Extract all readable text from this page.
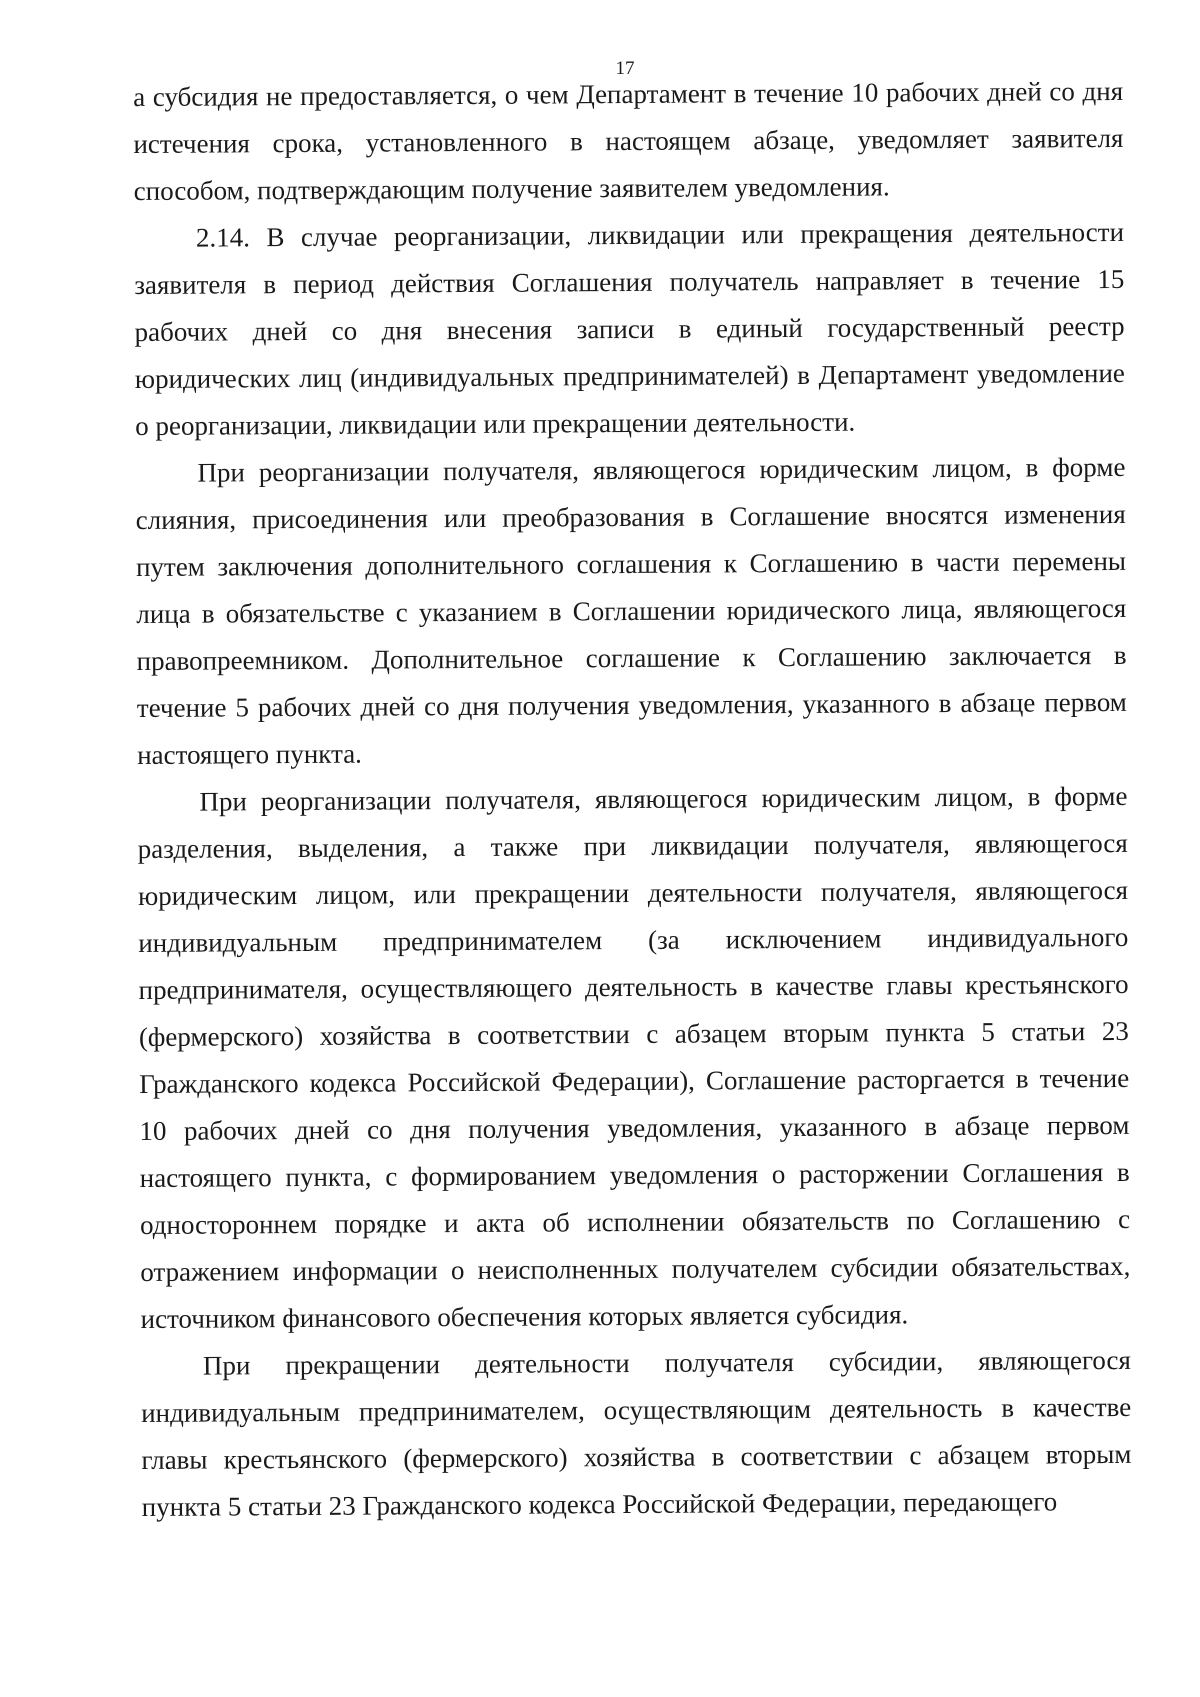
17

а субсидия не предоставляется, о чем Департамент в течение 10 рабочих дней со дня истечения срока, установленного в настоящем абзаце, уведомляет заявителя способом, подтверждающим получение заявителем уведомления.

2.14. В случае реорганизации, ликвидации или прекращения деятельности заявителя в период действия Соглашения получатель направляет в течение 15 рабочих дней со дня внесения записи в единый государственный реестр юридических лиц (индивидуальных предпринимателей) в Департамент уведомление о реорганизации, ликвидации или прекращении деятельности.

При реорганизации получателя, являющегося юридическим лицом, в форме слияния, присоединения или преобразования в Соглашение вносятся изменения путем заключения дополнительного соглашения к Соглашению в части перемены лица в обязательстве с указанием в Соглашении юридического лица, являющегося правопреемником. Дополнительное соглашение к Соглашению заключается в течение 5 рабочих дней со дня получения уведомления, указанного в абзаце первом настоящего пункта.

При реорганизации получателя, являющегося юридическим лицом, в форме разделения, выделения, а также при ликвидации получателя, являющегося юридическим лицом, или прекращении деятельности получателя, являющегося индивидуальным предпринимателем (за исключением индивидуального предпринимателя, осуществляющего деятельность в качестве главы крестьянского (фермерского) хозяйства в соответствии с абзацем вторым пункта 5 статьи 23 Гражданского кодекса Российской Федерации), Соглашение расторгается в течение 10 рабочих дней со дня получения уведомления, указанного в абзаце первом настоящего пункта, с формированием уведомления о расторжении Соглашения в одностороннем порядке и акта об исполнении обязательств по Соглашению с отражением информации о неисполненных получателем субсидии обязательствах, источником финансового обеспечения которых является субсидия.

При прекращении деятельности получателя субсидии, являющегося индивидуальным предпринимателем, осуществляющим деятельность в качестве главы крестьянского (фермерского) хозяйства в соответствии с абзацем вторым пункта 5 статьи 23 Гражданского кодекса Российской Федерации, передающего
